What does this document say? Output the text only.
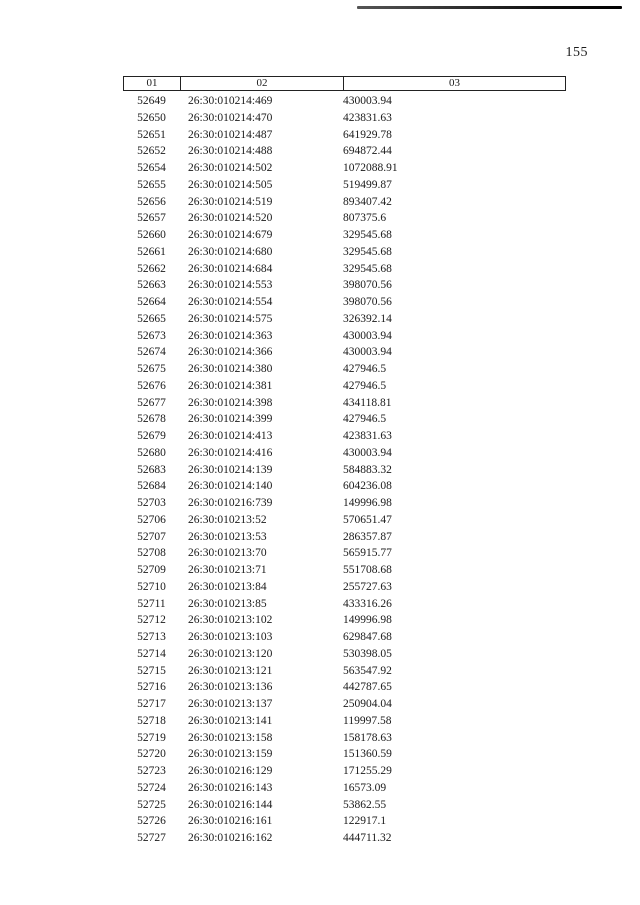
155
01	02	03
52649	26:30:010214:469	430003.94
52650	26:30:010214:470	423831.63
52651	26:30:010214:487	641929.78
52652	26:30:010214:488	694872.44
52654	26:30:010214:502	1072088.91
52655	26:30:010214:505	519499.87
52656	26:30:010214:519	893407.42
52657	26:30:010214:520	807375.6
52660	26:30:010214:679	329545.68
52661	26:30:010214:680	329545.68
52662	26:30:010214:684	329545.68
52663	26:30:010214:553	398070.56
52664	26:30:010214:554	398070.56
52665	26:30:010214:575	326392.14
52673	26:30:010214:363	430003.94
52674	26:30:010214:366	430003.94
52675	26:30:010214:380	427946.5
52676	26:30:010214:381	427946.5
52677	26:30:010214:398	434118.81
52678	26:30:010214:399	427946.5
52679	26:30:010214:413	423831.63
52680	26:30:010214:416	430003.94
52683	26:30:010214:139	584883.32
52684	26:30:010214:140	604236.08
52703	26:30:010216:739	149996.98
52706	26:30:010213:52	570651.47
52707	26:30:010213:53	286357.87
52708	26:30:010213:70	565915.77
52709	26:30:010213:71	551708.68
52710	26:30:010213:84	255727.63
52711	26:30:010213:85	433316.26
52712	26:30:010213:102	149996.98
52713	26:30:010213:103	629847.68
52714	26:30:010213:120	530398.05
52715	26:30:010213:121	563547.92
52716	26:30:010213:136	442787.65
52717	26:30:010213:137	250904.04
52718	26:30:010213:141	119997.58
52719	26:30:010213:158	158178.63
52720	26:30:010213:159	151360.59
52723	26:30:010216:129	171255.29
52724	26:30:010216:143	16573.09
52725	26:30:010216:144	53862.55
52726	26:30:010216:161	122917.1
52727	26:30:010216:162	444711.32
